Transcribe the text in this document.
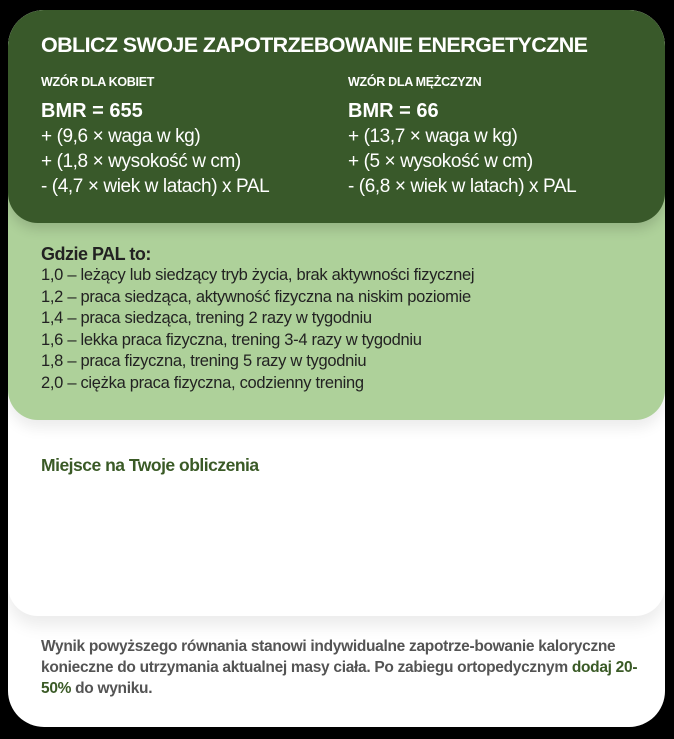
Gdzie PAL to:
1,0 – leżący lub siedzący tryb życia, brak aktywności fizycznej
1,2 – praca siedząca, aktywność fizyczna na niskim poziomie
1,4 – praca siedząca, trening 2 razy w tygodniu
1,6 – lekka praca fizyczna, trening 3-4 razy w tygodniu
1,8 – praca fizyczna, trening 5 razy w tygodniu
2,0 – ciężka praca fizyczna, codzienny trening
OBLICZ SWOJE ZAPOTRZEBOWANIE ENERGETYCZNE
WZÓR DLA KOBIET
BMR = 655
+ (9,6 × waga w kg)
+ (1,8 × wysokość w cm)
- (4,7 × wiek w latach) x PAL
WZÓR DLA MĘŻCZYZN
BMR = 66
+ (13,7 × waga w kg)
+ (5 × wysokość w cm)
- (6,8 × wiek w latach) x PAL
Miejsce na Twoje obliczenia
Wynik powyższego równania stanowi indywidualne zapotrze-bowanie kaloryczne konieczne do utrzymania aktualnej masy ciała. Po zabiegu ortopedycznym dodaj 20-50% do wyniku.
